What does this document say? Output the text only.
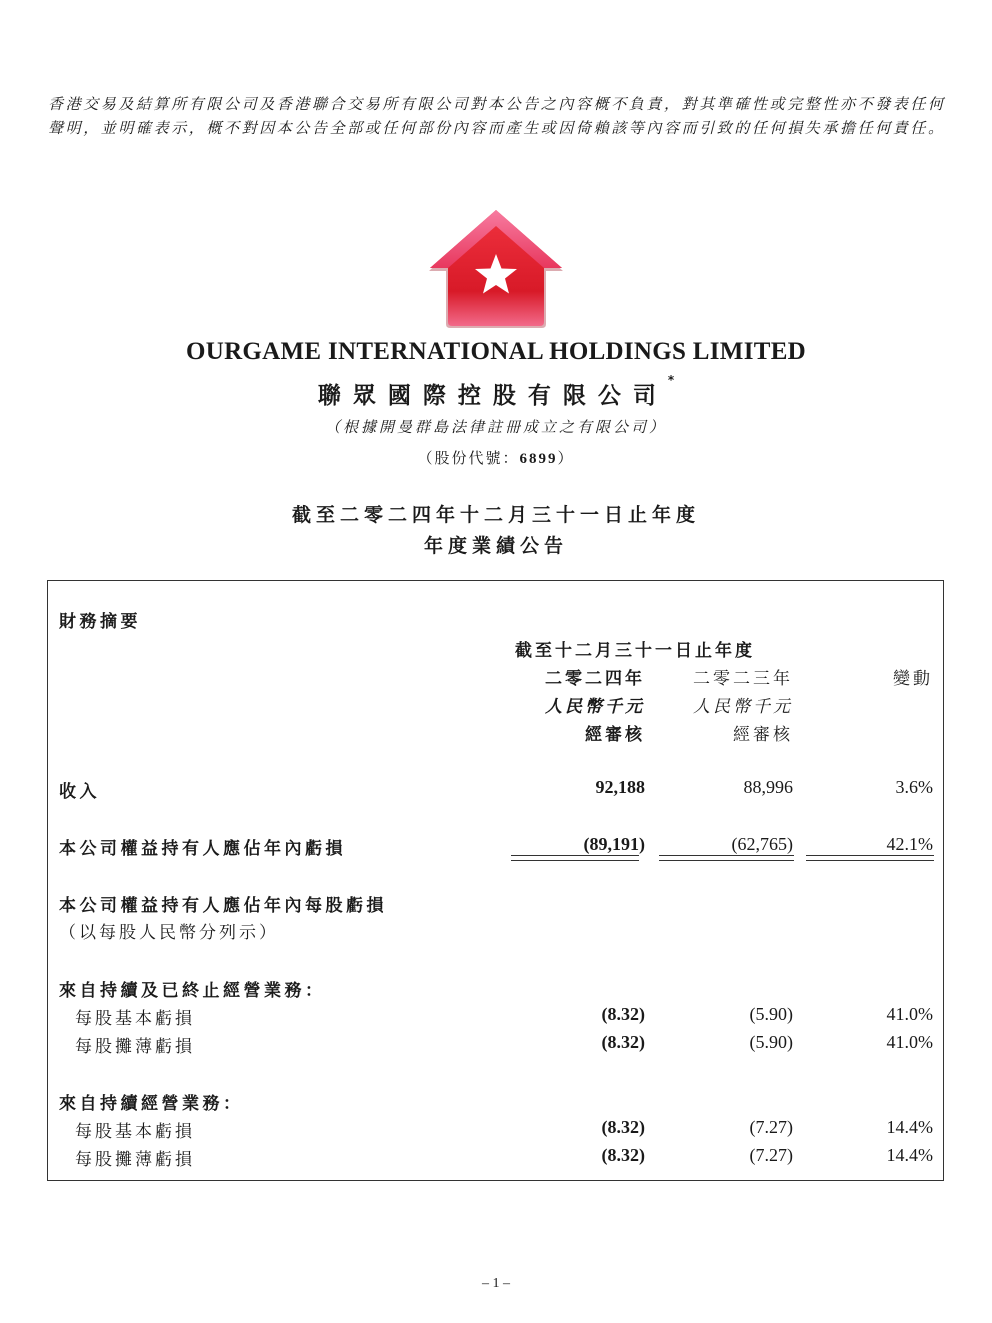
香港交易及結算所有限公司及香港聯合交易所有限公司對本公告之內容概不負責，對其準確性或完整性亦不發表任何聲明，並明確表示，概不對因本公告全部或任何部份內容而產生或因倚賴該等內容而引致的任何損失承擔任何責任。
OURGAME INTERNATIONAL HOLDINGS LIMITED
聯眾國際控股有限公司*
（根據開曼群島法律註冊成立之有限公司）
（股份代號：6899）
截至二零二四年十二月三十一日止年度
年度業績公告
財務摘要
截至十二月三十一日止年度
二零二四年	二零二三年	變動
人民幣千元	人民幣千元
經審核	經審核
收入	92,188	88,996	3.6%
本公司權益持有人應佔年內虧損	(89,191)	(62,765)	42.1%
本公司權益持有人應佔年內每股虧損
（以每股人民幣分列示）
來自持續及已終止經營業務：
每股基本虧損	(8.32)	(5.90)	41.0%
每股攤薄虧損	(8.32)	(5.90)	41.0%
來自持續經營業務：
每股基本虧損	(8.32)	(7.27)	14.4%
每股攤薄虧損	(8.32)	(7.27)	14.4%
– 1 –
